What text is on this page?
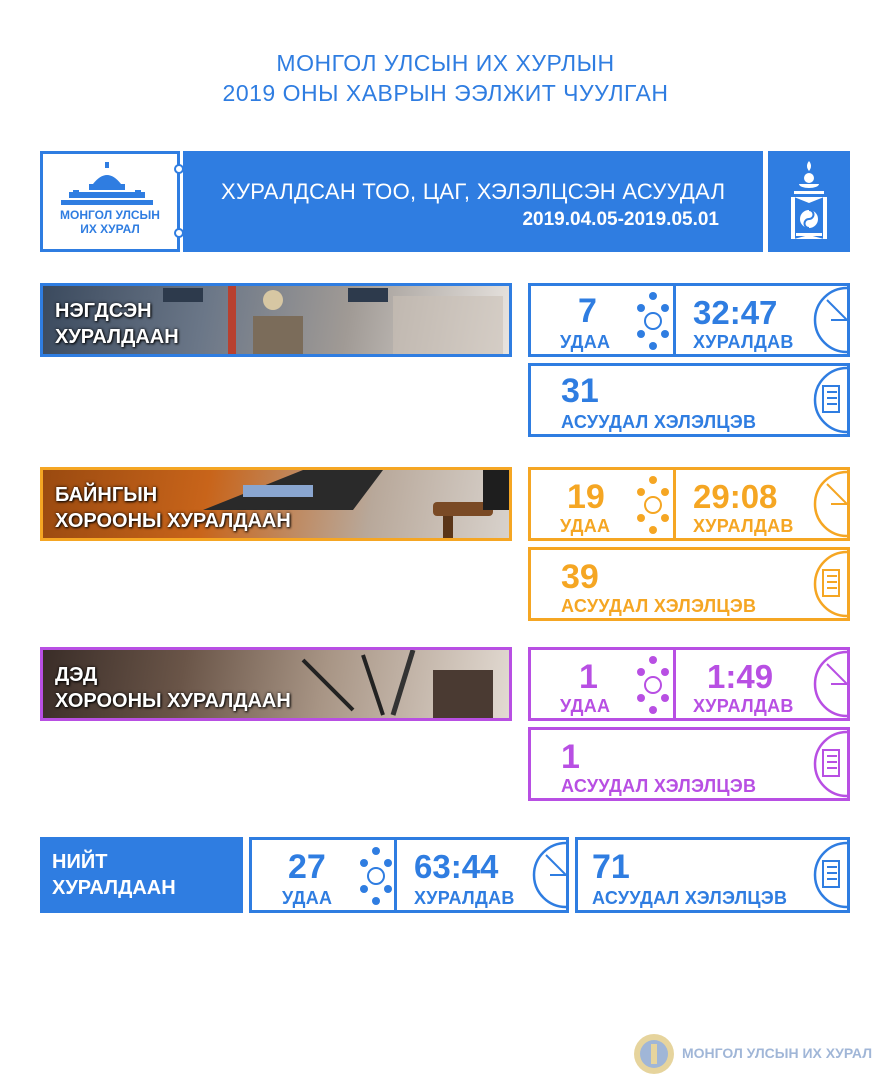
МОНГОЛ УЛСЫН ИХ ХУРЛЫН
2019 ОНЫ ХАВРЫН ЭЭЛЖИТ ЧУУЛГАН
МОНГОЛ УЛСЫН
ИХ ХУРАЛ
ХУРАЛДСАН ТОО, ЦАГ, ХЭЛЭЛЦСЭН АСУУДАЛ
2019.04.05-2019.05.01
НЭГДСЭН
ХУРАЛДААН
7
УДАА
32:47
ХУРАЛДАВ
31
АСУУДАЛ ХЭЛЭЛЦЭВ
БАЙНГЫН
ХОРООНЫ ХУРАЛДААН
19
УДАА
29:08
ХУРАЛДАВ
39
АСУУДАЛ ХЭЛЭЛЦЭВ
ДЭД
ХОРООНЫ ХУРАЛДААН
1
УДАА
1:49
ХУРАЛДАВ
1
АСУУДАЛ ХЭЛЭЛЦЭВ
НИЙТ
ХУРАЛДААН
27
УДАА
63:44
ХУРАЛДАВ
71
АСУУДАЛ ХЭЛЭЛЦЭВ
МОНГОЛ УЛСЫН ИХ ХУРАЛ
